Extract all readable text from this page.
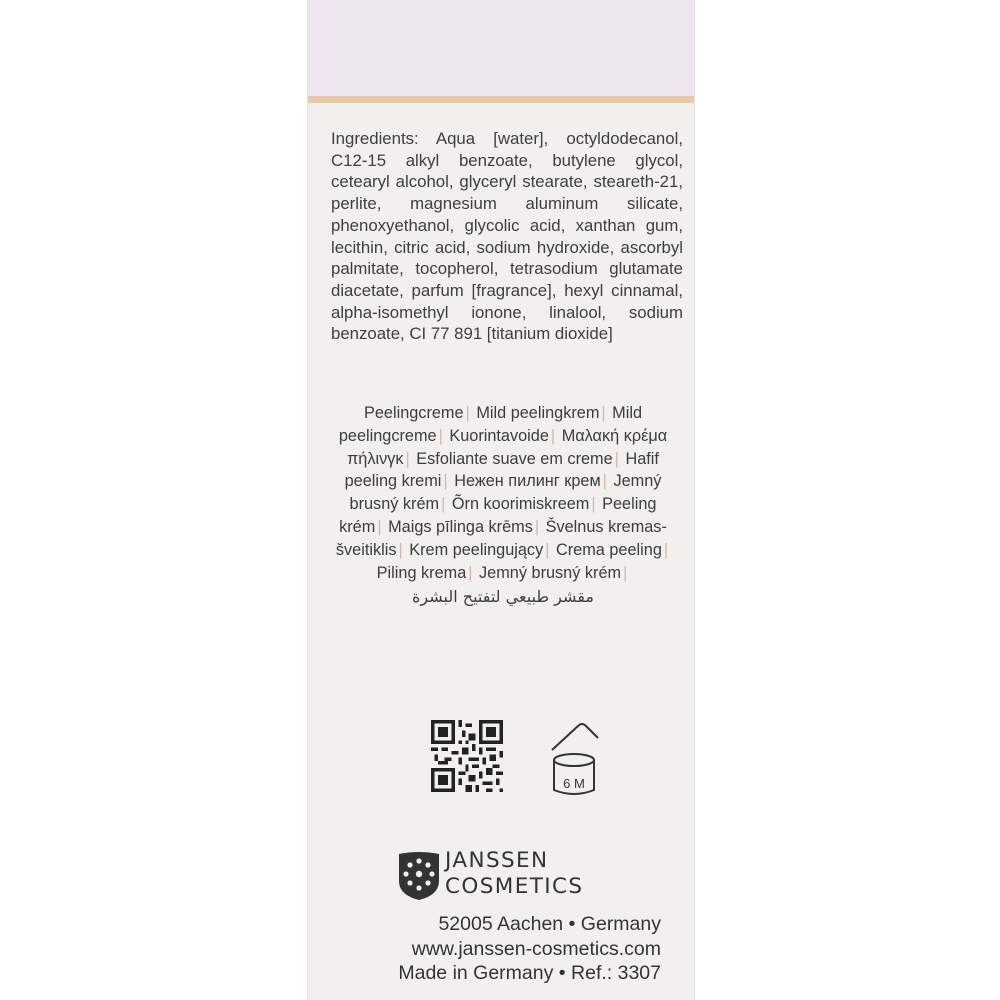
Ingredients: Aqua [water], octyldodecanol, C12-15 alkyl benzoate, butylene glycol, cetearyl alcohol, glyceryl stearate, steareth-21, perlite, magnesium aluminum silicate, phenoxyethanol, glycolic acid, xanthan gum, lecithin, citric acid, sodium hydroxide, ascorbyl palmitate, tocopherol, tetrasodium glutamate diacetate, parfum [fragrance], hexyl cinnamal, alpha-isomethyl ionone, linalool, sodium benzoate, CI 77 891 [titanium dioxide]
Peelingcreme | Mild peelingkrem | Mild peelingcreme | Kuorintavoide | Μαλακή κρέμα πήλινγκ | Esfoliante suave em creme | Hafif peeling kremi | Нежен пилинг крем | Jemný brusný krém | Õrn koorimiskreem | Peeling krém | Maigs pīlinga krēms | Švelnus kremas-šveitiklis | Krem peelingujący | Crema peeling | Piling krema | Jemný brusný krém |
مقشر طبيعي لتفتيح البشرة
6 M
JANSSEN
COSMETICS
52005 Aachen • Germany
www.janssen-cosmetics.com
Made in Germany • Ref.: 3307
